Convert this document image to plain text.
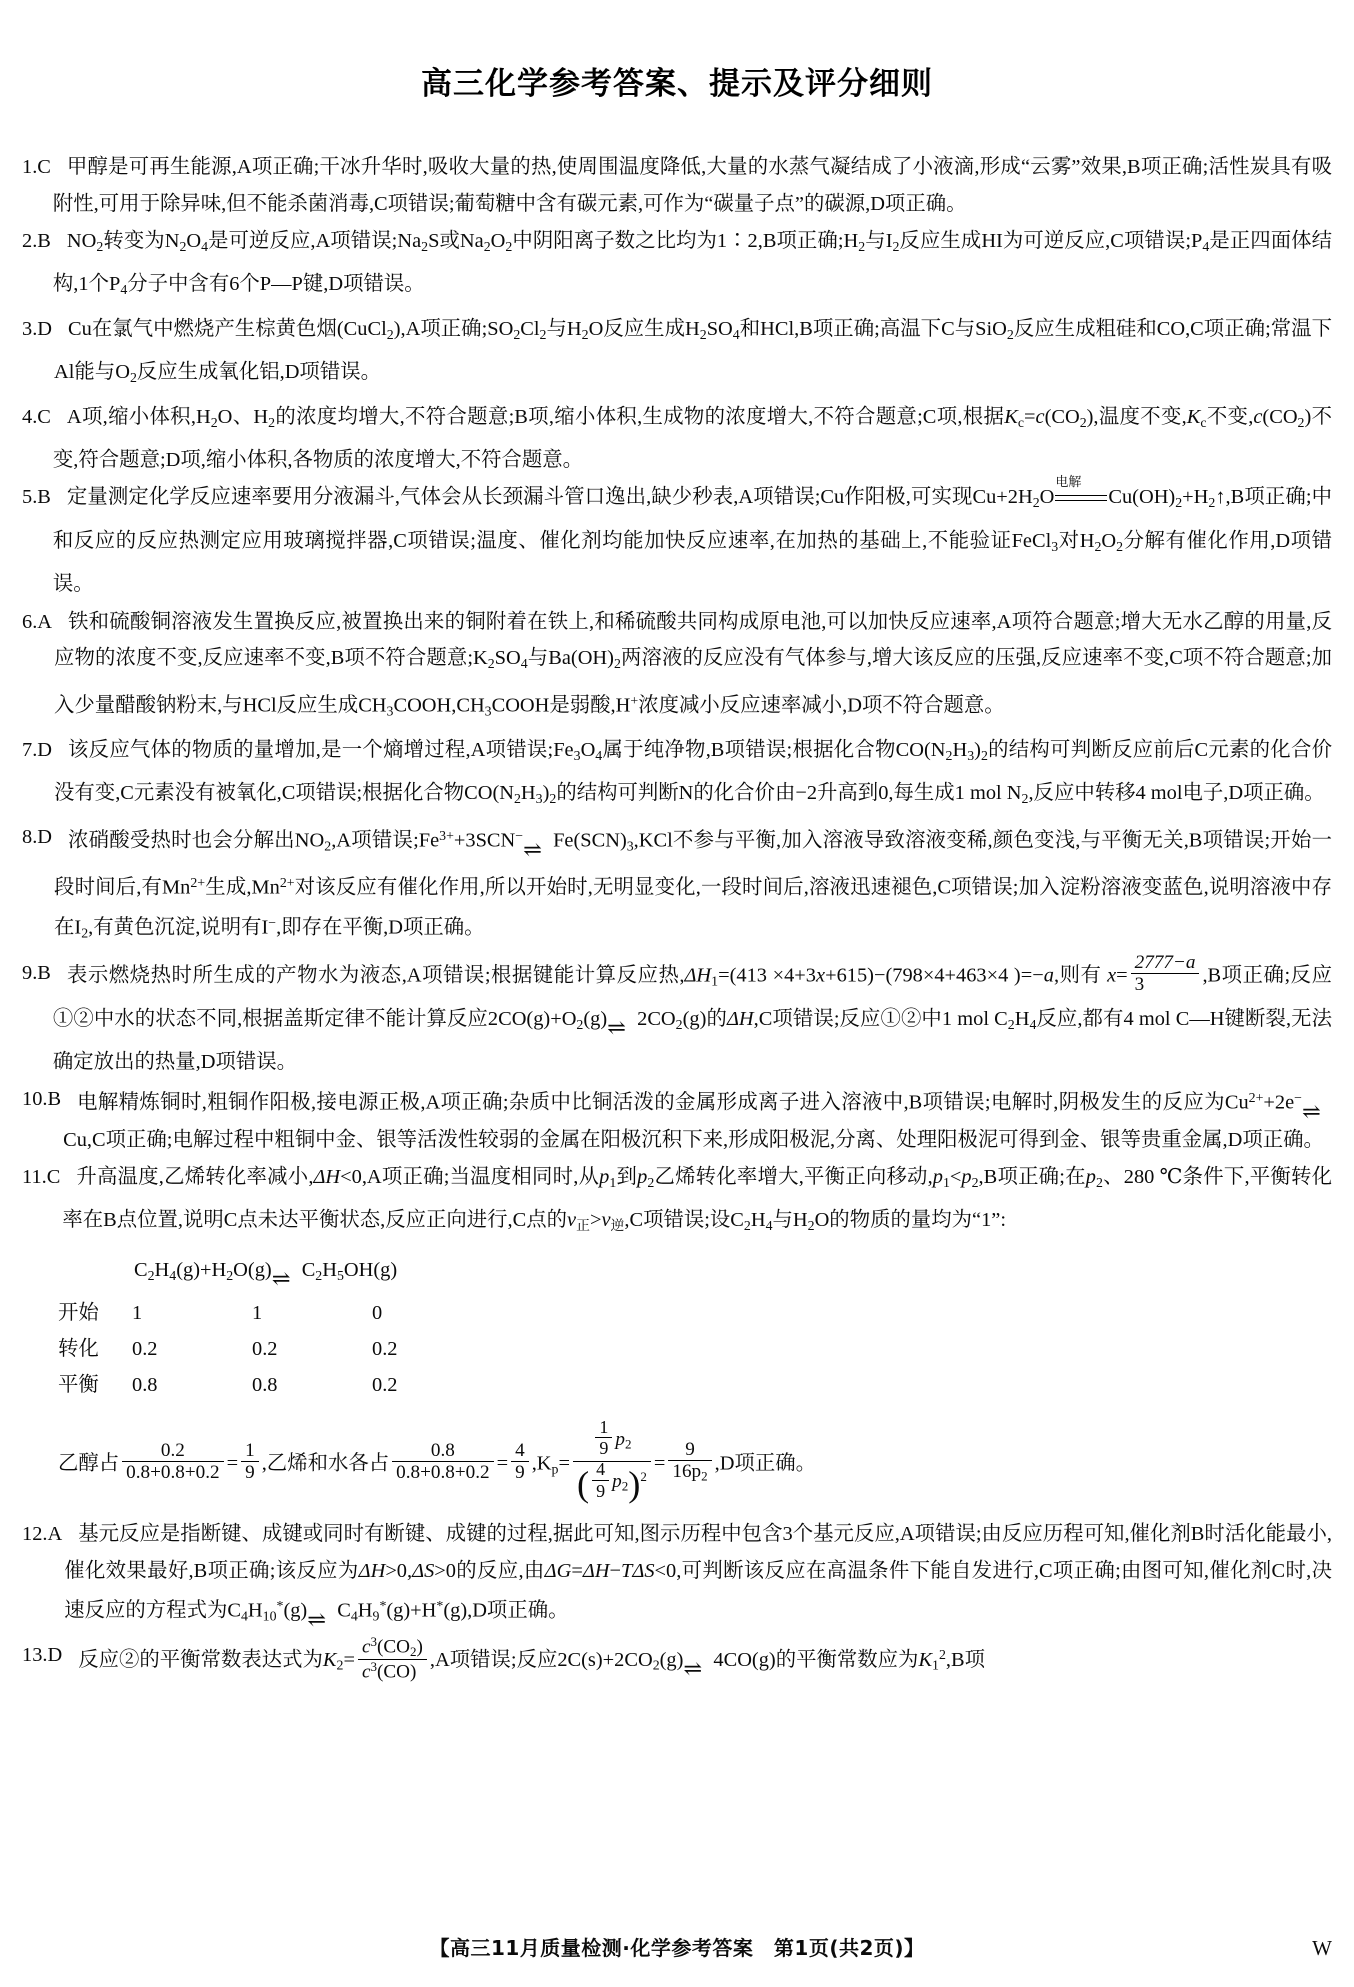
高三化学参考答案、提示及评分细则
1.C 甲醇是可再生能源,A项正确;干冰升华时,吸收大量的热,使周围温度降低,大量的水蒸气凝结成了小液滴,形成“云雾”效果,B项正确;活性炭具有吸附性,可用于除异味,但不能杀菌消毒,C项错误;葡萄糖中含有碳元素,可作为“碳量子点”的碳源,D项正确。
2.B $NO_2$转变为$N_2O_4$是可逆反应,A项错误$;Na_2S$或$Na_2O_2$中阴阳离子数之比均为1∶2,B项正确$;H_2$与$I_2$反应生成HI为可逆反应,C项错误$;P_4$是正四面体结构,1个$P_4$分子中含有6个P—P键,D项错误。
3.D Cu在氯气中燃烧产生棕黄色烟(CuCl$_2$),A项正确$;SO_2Cl_2$与$H_2O$反应生成$H_2SO_4$和HCl,B项正确;高温下C与SiO$_2$反应生成粗硅和CO,C项正确;常温下Al能与$O_2$反应生成氧化铝,D项错误。
4.C A项,缩小体积$,H_2O$、$H_2$的浓度均增大,不符合题意;B项,缩小体积,生成物的浓度增大,不符合题意;C项,根据$K_c=c(CO_2)$,温度不变$,K_c$不变$,c(CO_2)$不变,符合题意;D项,缩小体积,各物质的浓度增大,不符合题意。
5.B 定量测定化学反应速率要用分液漏斗,气体会从长颈漏斗管口逸出,缺少秒表,A项错误;Cu作阳极,可实现$Cu+2H_2O$
电解
$Cu(OH)_2+H_2↑,B$项正确;中和反应的反应热测定应用玻璃搅拌器,C项错误;温度、催化剂均能加快反应速率,在加热的基础上,不能验证FeCl$_3$对$H_2O_2$分解有催化作用,D项错误。
6.A 铁和硫酸铜溶液发生置换反应,被置换出来的铜附着在铁上,和稀硫酸共同构成原电池,可以加快反应速率,A项符合题意;增大无水乙醇的用量,反应物的浓度不变,反应速率不变,B项不符合题意$;K_2SO_4$与$Ba(OH)_2$两溶液的反应没有气体参与,增大该反应的压强,反应速率不变,C项不符合题意;加入少量醋酸钠粉末,与HCl反应生成$CH_3COOH,CH_3COOH$是弱酸,H+浓度减小反应速率减小,D项不符合题意。
7.D 该反应气体的物质的量增加,是一个熵增过程,A项错误$;Fe_3O_4$属于纯净物,B项错误;根据化合物$CO(N_2H_3)_2$的结构可判断反应前后C元素的化合价没有变,C元素没有被氧化,C项错误;根据化合物$CO(N_2H_3)_2$的结构可判断N的化合价由−2升高到0,每生成1 mol $N_2$,反应中转移4 mol电子,D项正确。
8.D 浓硝酸受热时也会分解出$NO_2,A$项错误$;Fe^{3+}+3SCN^-$ ⇌ $Fe(SCN)_3,KCl$不参与平衡,加入溶液导致溶液变稀,颜色变浅,与平衡无关,B项错误;开始一段时间后,有$Mn^{2+}$生成$,Mn^{2+}$对该反应有催化作用,所以开始时,无明显变化,一段时间后,溶液迅速褪色,C项错误;加入淀粉溶液变蓝色,说明溶液中存在$I_2$,有黄色沉淀,说明有I−,即存在平衡,D项正确。
9.B 表示燃烧热时所生成的产物水为液态,A项错误;根据键能计算反应热$,\Delta H_1=(413 \times 4+3x+615)-(798\times 4+463\times 4$ )=−a,则有 $x= \frac{2777-a}{3} ,B$项正确;反应①②中水的状态不同,根据盖斯定律不能计算反应$2CO(g)+O_2(g)$ ⇌ $2CO_2(g)$的ΔH,C项错误;反应①②中1 mol $C_2H_4$反应,都有4 mol C—H键断裂,无法确定放出的热量,D项错误。
10.B 电解精炼铜时,粗铜作阳极,接电源正极,A项正确;杂质中比铜活泼的金属形成离子进入溶液中,B项错误;电解时,阴极发生的反应为$Cu^{2+}+2e^-\rightleftharpoons Cu,C$项正确;电解过程中粗铜中金、银等活泼性较弱的金属在阳极沉积下来,形成阳极泥,分离、处理阳极泥可得到金、银等贵重金属,D项正确。
11.C 升高温度,乙烯转化率减小,ΔH<0,A项正确;当温度相同时,从$p_1$到$p_2$乙烯转化率增大,平衡正向移动$,p_1<p_2,B$项正确;在$p_2$、280 ℃条件下,平衡转化率在B点位置,说明C点未达平衡状态,反应正向进行,C点的$v_正>v_逆,C$项错误;设$C_2H_4$与$H_2O$的物质的量均为“1”:
$C_2H_4(g)+H_2O(g)$ ⇌ $C_2H_5OH(g)$
开始	1	1	0
转化	0.2	0.2	0.2
平衡	0.8	0.8	0.2
乙醇占 $\frac{0.2}{0.8+0.8+0.2} = \frac{1}{9}$ ,乙烯和水各占 $\frac{0.8}{0.8+0.8+0.2} = \frac{4}{9} ,K_p= \frac{\frac{1}{9} p_2}{( \frac{4}{9} p_2)^2} = \frac{9}{16p_2} ,D$项正确。
12.A 基元反应是指断键、成键或同时有断键、成键的过程,据此可知,图示历程中包含3个基元反应,A项错误;由反应历程可知,催化剂B时活化能最小,催化效果最好,B项正确;该反应为ΔH>0,ΔS>0的反应,由ΔG=ΔH−TΔS<0,可判断该反应在高温条件下能自发进行,C项正确;由图可知,催化剂C时,决速反应的方程式为$C_4H_{10}^*(g)$ ⇌ $C_4H_9^*(g)+H^*(g),D$项正确。
13.D 反应②的平衡常数表达式为$K_2= \frac{c^3(CO_2)}{c^3(CO)} ,A$项错误;反应$2C(s)+2CO_2(g)$ ⇌ 4CO(g)的平衡常数应为$K_1^2,B$项
【高三11月质量检测·化学参考答案　第1页(共2页)】	W
